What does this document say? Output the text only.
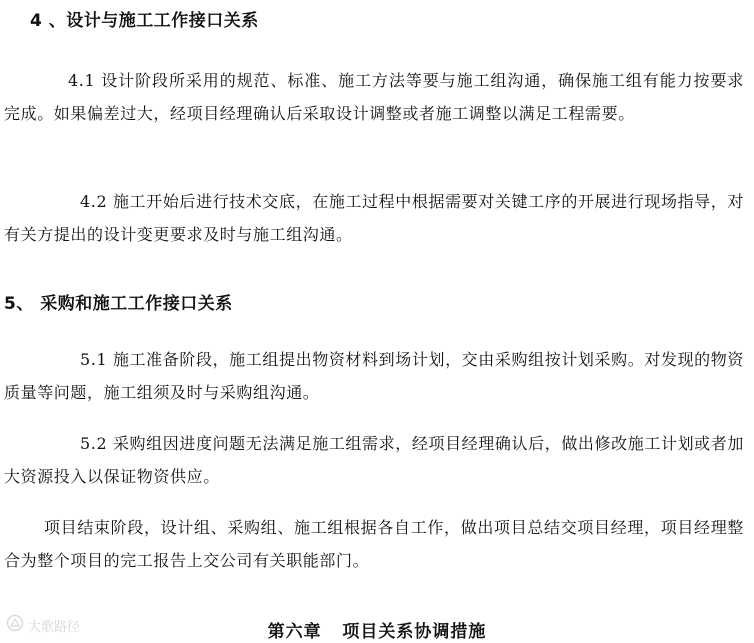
4 、设计与施工工作接口关系
4.1 设计阶段所采用的规范、标准、施工方法等要与施工组沟通，确保施工组有能力按要求完成。如果偏差过大，经项目经理确认后采取设计调整或者施工调整以满足工程需要。
4.2 施工开始后进行技术交底，在施工过程中根据需要对关键工序的开展进行现场指导，对有关方提出的设计变更要求及时与施工组沟通。
5、 采购和施工工作接口关系
5.1 施工准备阶段，施工组提出物资材料到场计划，交由采购组按计划采购。对发现的物资质量等问题，施工组须及时与采购组沟通。
5.2 采购组因进度问题无法满足施工组需求，经项目经理确认后，做出修改施工计划或者加大资源投入以保证物资供应。
项目结束阶段，设计组、采购组、施工组根据各自工作，做出项目总结交项目经理，项目经理整合为整个项目的完工报告上交公司有关职能部门。
第六章   项目关系协调措施
大歌路径
